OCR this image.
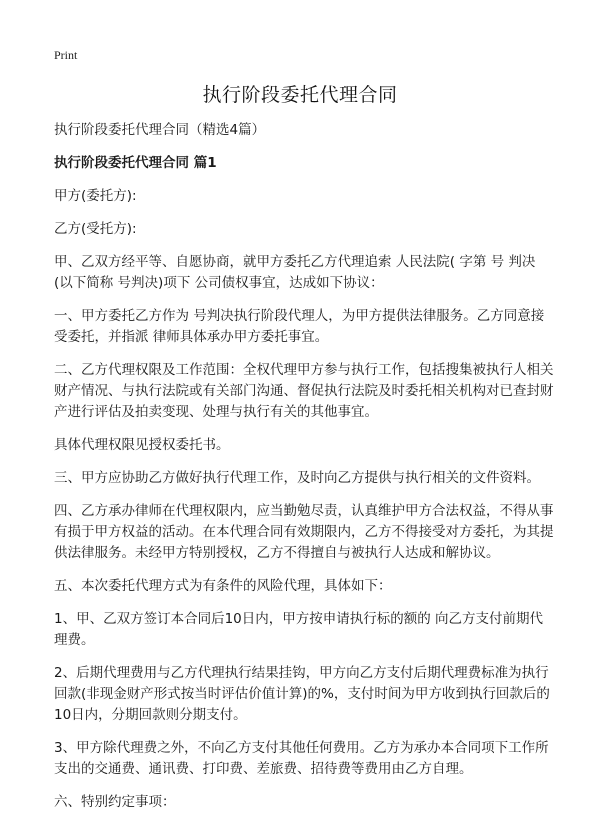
Print
执行阶段委托代理合同

执行阶段委托代理合同（精选4篇）

执行阶段委托代理合同 篇1

甲方(委托方):

乙方(受托方):

甲、乙双方经平等、自愿协商，就甲方委托乙方代理追索 人民法院( 字第 号 判决(以下简称 号判决)项下 公司债权事宜，达成如下协议：

一、甲方委托乙方作为 号判决执行阶段代理人，为甲方提供法律服务。乙方同意接受委托，并指派 律师具体承办甲方委托事宜。

二、乙方代理权限及工作范围：全权代理甲方参与执行工作，包括搜集被执行人相关财产情况、与执行法院或有关部门沟通、督促执行法院及时委托相关机构对已查封财产进行评估及拍卖变现、处理与执行有关的其他事宜。

具体代理权限见授权委托书。

三、甲方应协助乙方做好执行代理工作，及时向乙方提供与执行相关的文件资料。

四、乙方承办律师在代理权限内，应当勤勉尽责，认真维护甲方合法权益，不得从事有损于甲方权益的活动。在本代理合同有效期限内，乙方不得接受对方委托，为其提供法律服务。未经甲方特别授权，乙方不得擅自与被执行人达成和解协议。

五、本次委托代理方式为有条件的风险代理，具体如下：

1、甲、乙双方签订本合同后10日内，甲方按申请执行标的额的 向乙方支付前期代理费。

2、后期代理费用与乙方代理执行结果挂钩，甲方向乙方支付后期代理费标准为执行回款(非现金财产形式按当时评估价值计算)的%，支付时间为甲方收到执行回款后的10日内，分期回款则分期支付。

3、甲方除代理费之外，不向乙方支付其他任何费用。乙方为承办本合同项下工作所支出的交通费、通讯费、打印费、差旅费、招待费等费用由乙方自理。

六、特别约定事项：
